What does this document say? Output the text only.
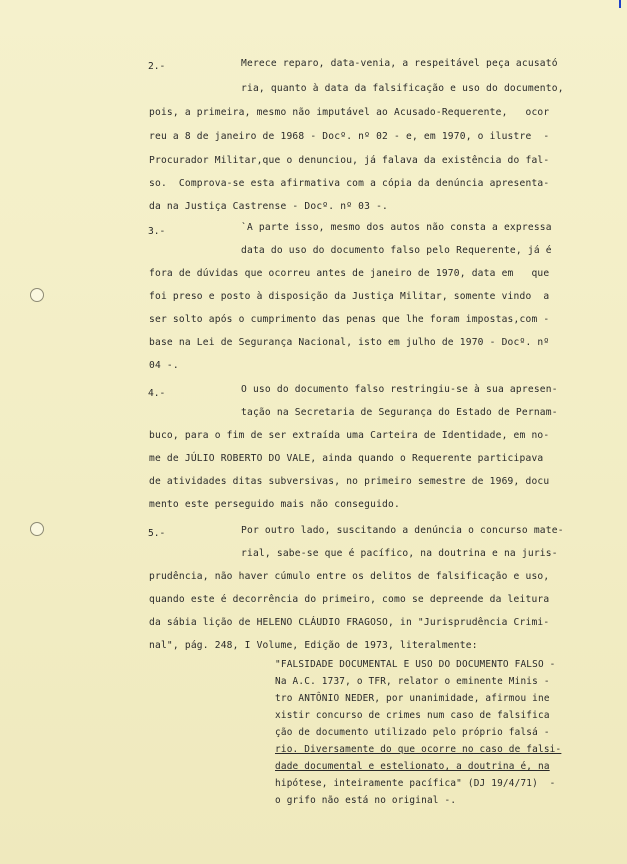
2.-	Merece reparo, data-venia, a respeitável peça acusató
ria, quanto à data da falsificação e uso do documento,
pois, a primeira, mesmo não imputável ao Acusado-Requerente,   ocor
reu a 8 de janeiro de 1968 - Docº. nº 02 - e, em 1970, o ilustre  -
Procurador Militar,que o denunciou, já falava da existência do fal-
so.  Comprova-se esta afirmativa com a cópia da denúncia apresenta-
da na Justiça Castrense - Docº. nº 03 -.
3.-	`A parte isso, mesmo dos autos não consta a expressa
data do uso do documento falso pelo Requerente, já é
fora de dúvidas que ocorreu antes de janeiro de 1970, data em   que
foi preso e posto à disposição da Justiça Militar, somente vindo  a
ser solto após o cumprimento das penas que lhe foram impostas,com -
base na Lei de Segurança Nacional, isto em julho de 1970 - Docº. nº
04 -.
4.-	O uso do documento falso restringiu-se à sua apresen-
tação na Secretaria de Segurança do Estado de Pernam-
buco, para o fim de ser extraída uma Carteira de Identidade, em no-
me de JÚLIO ROBERTO DO VALE, ainda quando o Requerente participava
de atividades ditas subversivas, no primeiro semestre de 1969, docu
mento este perseguido mais não conseguido.
5.-	Por outro lado, suscitando a denúncia o concurso mate-
rial, sabe-se que é pacífico, na doutrina e na juris-
prudência, não haver cúmulo entre os delitos de falsificação e uso,
quando este é decorrência do primeiro, como se depreende da leitura
da sábia lição de HELENO CLÁUDIO FRAGOSO, in "Jurisprudência Crimi-
nal", pág. 248, I Volume, Edição de 1973, literalmente:
"FALSIDADE DOCUMENTAL E USO DO DOCUMENTO FALSO -
Na A.C. 1737, o TFR, relator o eminente Minis -
tro ANTÔNIO NEDER, por unanimidade, afirmou ine
xistir concurso de crimes num caso de falsifica
ção de documento utilizado pelo próprio falsá -
rio. Diversamente do que ocorre no caso de falsi-
dade documental e estelionato, a doutrina é, na
hipótese, inteiramente pacífica" (DJ 19/4/71)  -
o grifo não está no original -.
